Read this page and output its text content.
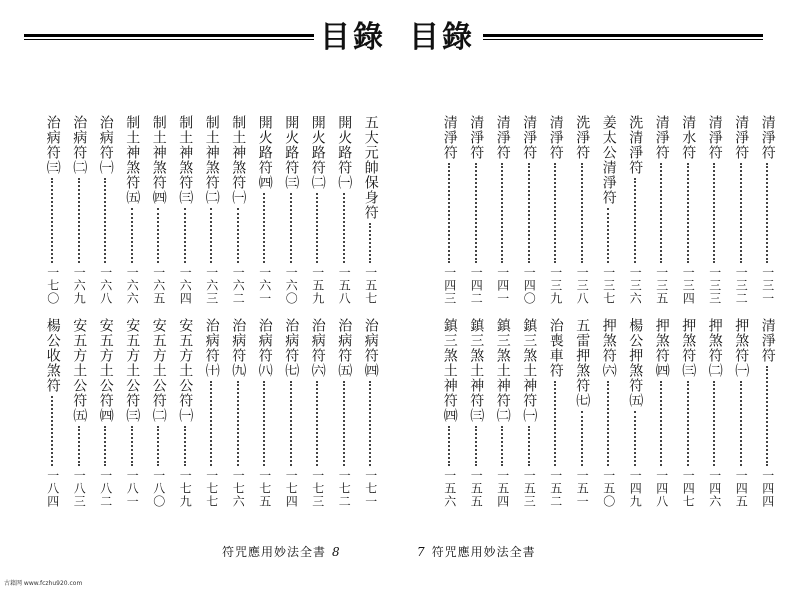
目錄
五大元帥保身符
一五七
開火路符㈠
一五八
開火路符㈡
一五九
開火路符㈢
一六〇
開火路符㈣
一六一
制土神煞符㈠
一六二
制土神煞符㈡
一六三
制土神煞符㈢
一六四
制土神煞符㈣
一六五
制土神煞符㈤
一六六
治病符㈠
一六八
治病符㈡
一六九
治病符㈢
一七〇
治病符㈣
一七一
治病符㈤
一七二
治病符㈥
一七三
治病符㈦
一七四
治病符㈧
一七五
治病符㈨
一七六
治病符㈩
一七七
安五方土公符㈠
一七九
安五方土公符㈡
一八〇
安五方土公符㈢
一八一
安五方土公符㈣
一八二
安五方土公符㈤
一八三
楊公收煞符
一八四
符咒應用妙法全書 8
目錄
清淨符
一三一
清淨符
一三二
清淨符
一三三
清水符
一三四
清淨符
一三五
洗清淨符
一三六
姜太公清淨符
一三七
洗淨符
一三八
清淨符
一三九
清淨符
一四〇
清淨符
一四一
清淨符
一四二
清淨符
一四三
清淨符
一四四
押煞符㈠
一四五
押煞符㈡
一四六
押煞符㈢
一四七
押煞符㈣
一四八
楊公押煞符㈤
一四九
押煞符㈥
一五〇
五雷押煞符㈦
一五一
治喪車符
一五二
鎮三煞土神符㈠
一五三
鎮三煞土神符㈡
一五四
鎮三煞土神符㈢
一五五
鎮三煞土神符㈣
一五六
7 符咒應用妙法全書
古籍网 www.fczhu920.com
